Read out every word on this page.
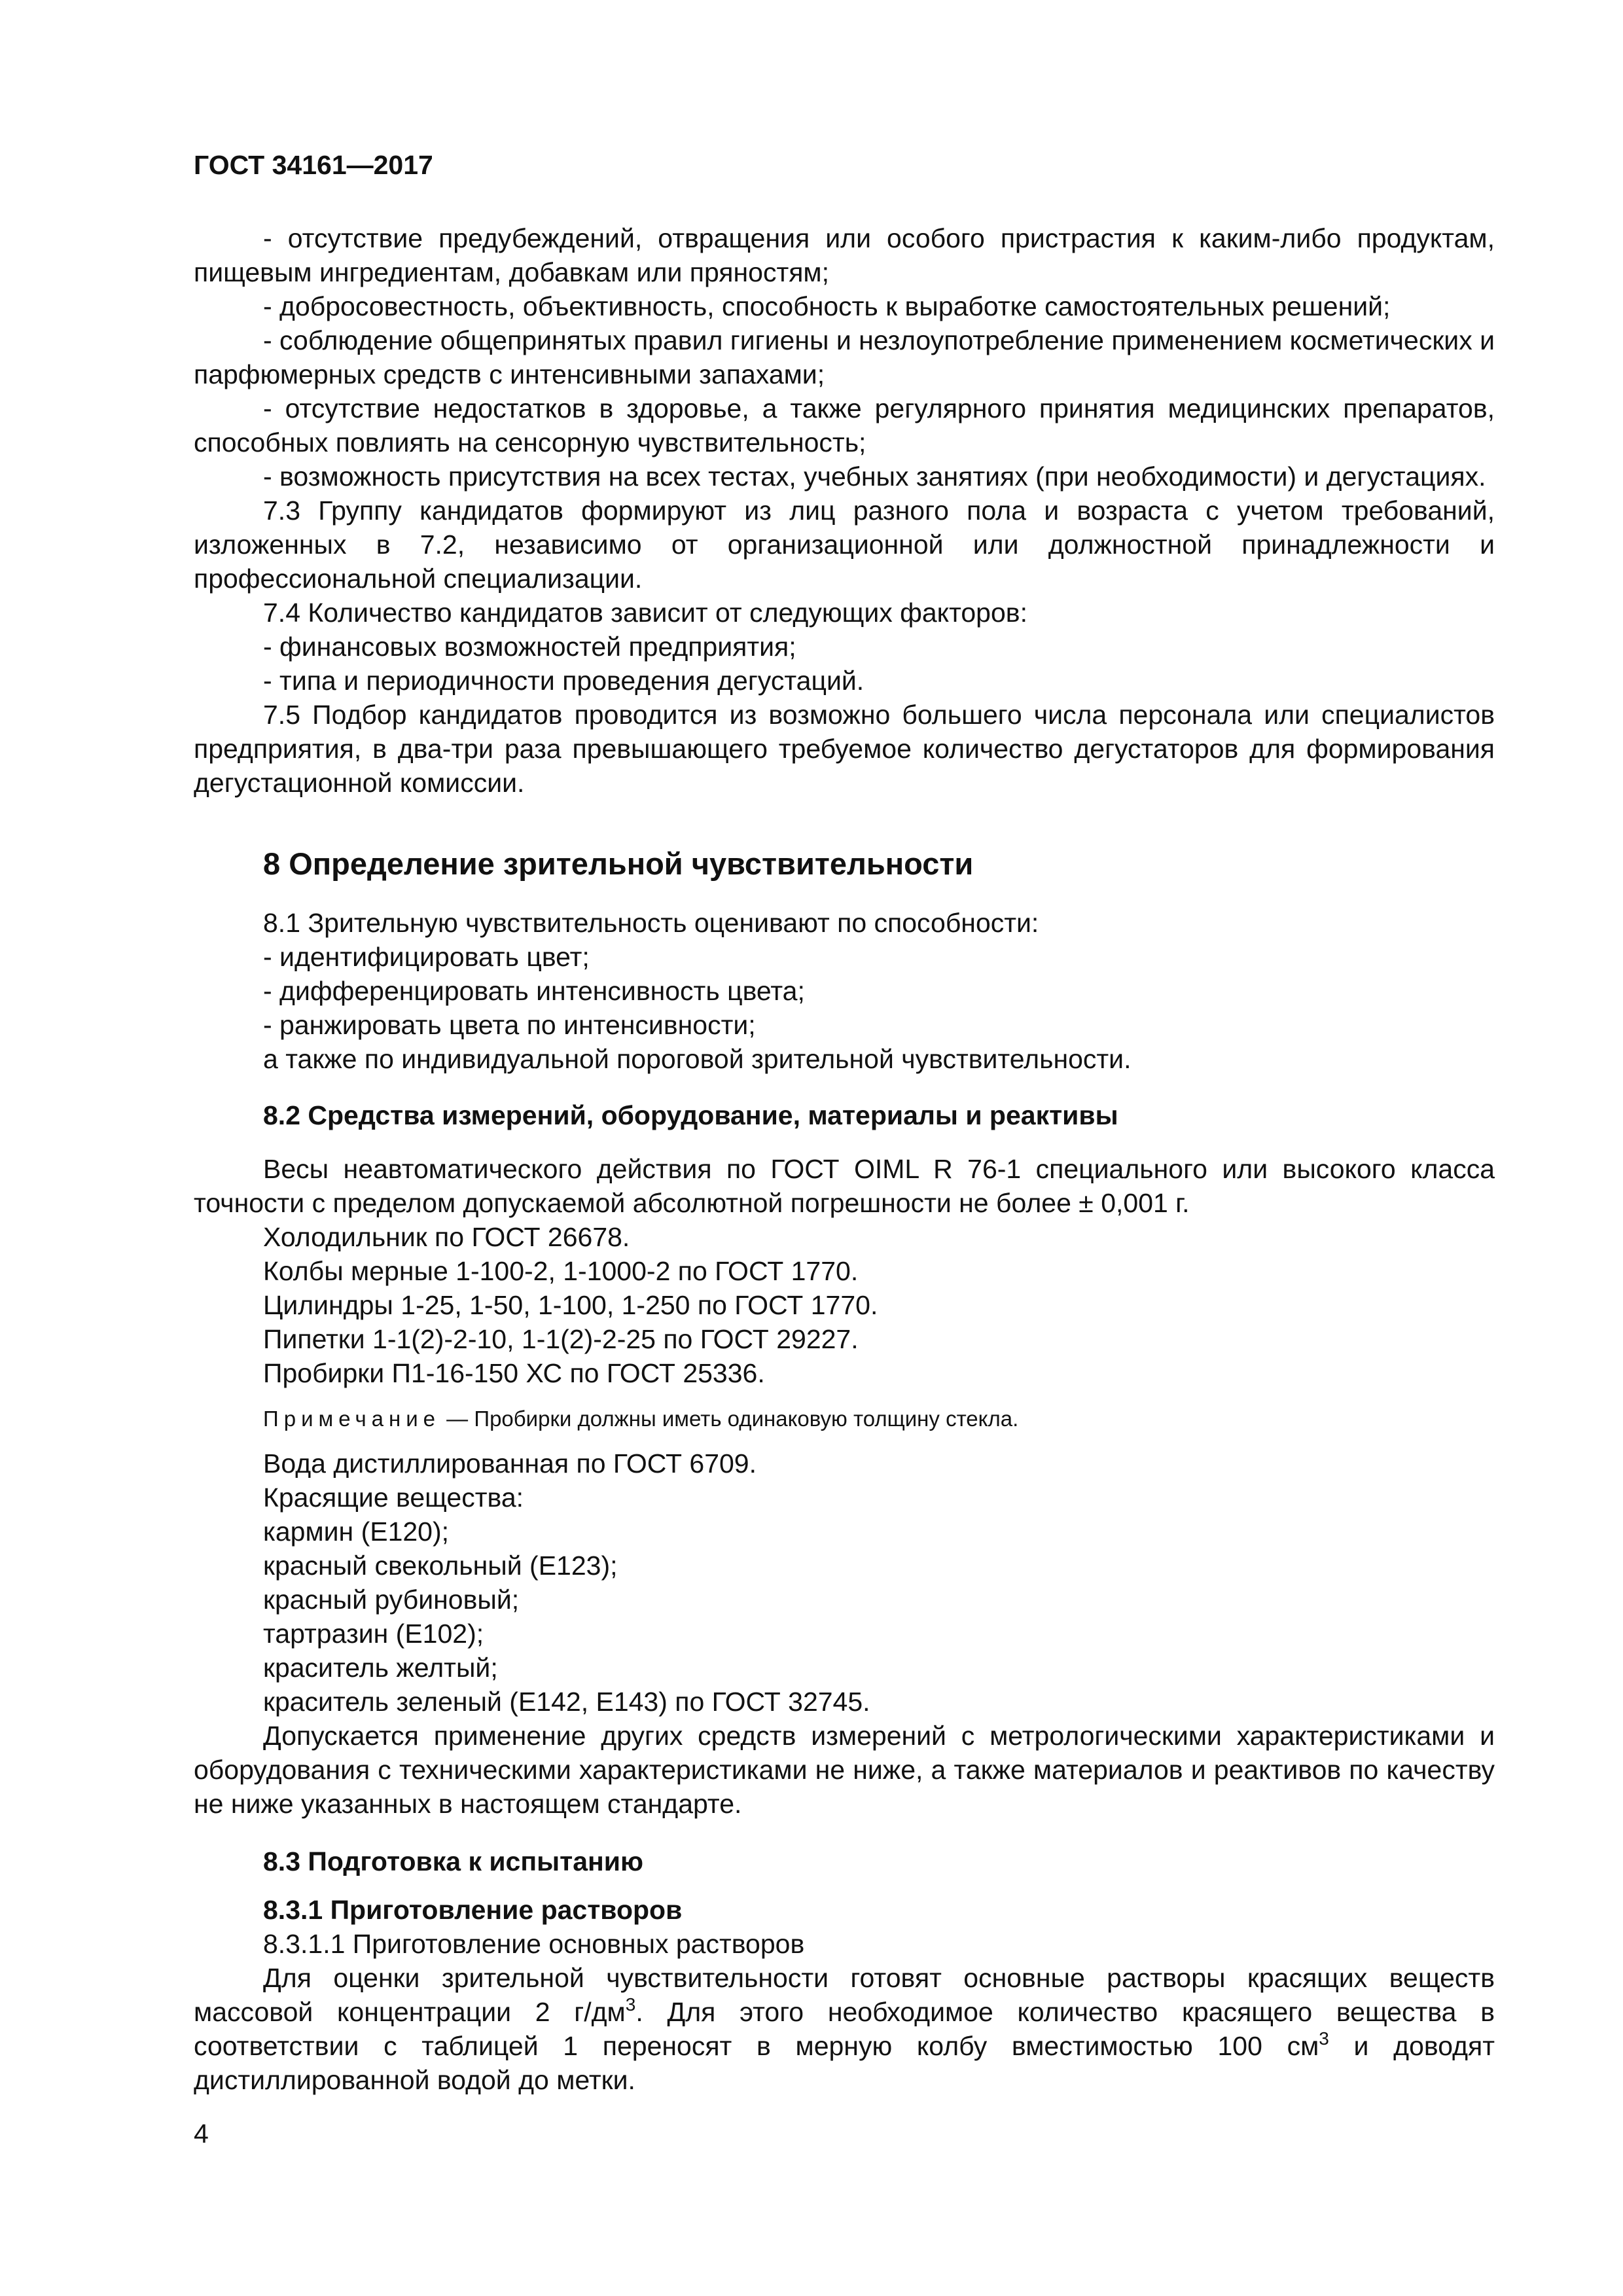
ГОСТ 34161—2017

- отсутствие предубеждений, отвращения или особого пристрастия к каким-либо продуктам, пищевым ингредиентам, добавкам или пряностям;

- добросовестность, объективность, способность к выработке самостоятельных решений;

- соблюдение общепринятых правил гигиены и незлоупотребление применением косметических и парфюмерных средств с интенсивными запахами;

- отсутствие недостатков в здоровье, а также регулярного принятия медицинских препаратов, способных повлиять на сенсорную чувствительность;

- возможность присутствия на всех тестах, учебных занятиях (при необходимости) и дегустациях.

7.3 Группу кандидатов формируют из лиц разного пола и возраста с учетом требований, изложенных в 7.2, независимо от организационной или должностной принадлежности и профессиональной специализации.

7.4 Количество кандидатов зависит от следующих факторов:

- финансовых возможностей предприятия;

- типа и периодичности проведения дегустаций.

7.5 Подбор кандидатов проводится из возможно большего числа персонала или специалистов предприятия, в два-три раза превышающего требуемое количество дегустаторов для формирования дегустационной комиссии.

8 Определение зрительной чувствительности

8.1 Зрительную чувствительность оценивают по способности:

- идентифицировать цвет;

- дифференцировать интенсивность цвета;

- ранжировать цвета по интенсивности;

а также по индивидуальной пороговой зрительной чувствительности.

8.2 Средства измерений, оборудование, материалы и реактивы

Весы неавтоматического действия по ГОСТ OIML R 76-1 специального или высокого класса точности с пределом допускаемой абсолютной погрешности не более ± 0,001 г.

Холодильник по ГОСТ 26678.

Колбы мерные 1-100-2, 1-1000-2 по ГОСТ 1770.

Цилиндры 1-25, 1-50, 1-100, 1-250 по ГОСТ 1770.

Пипетки 1-1(2)-2-10, 1-1(2)-2-25 по ГОСТ 29227.

Пробирки П1-16-150 ХС по ГОСТ 25336.

Примечание — Пробирки должны иметь одинаковую толщину стекла.

Вода дистиллированная по ГОСТ 6709.

Красящие вещества:

кармин (Е120);

красный свекольный (Е123);

красный рубиновый;

тартразин (Е102);

краситель желтый;

краситель зеленый (Е142, Е143) по ГОСТ 32745.

Допускается применение других средств измерений с метрологическими характеристиками и оборудования с техническими характеристиками не ниже, а также материалов и реактивов по качеству не ниже указанных в настоящем стандарте.

8.3 Подготовка к испытанию
8.3.1 Приготовление растворов

8.3.1.1 Приготовление основных растворов

Для оценки зрительной чувствительности готовят основные растворы красящих веществ массовой концентрации 2 $г/дм^3$. Для этого необходимое количество красящего вещества в соответствии с таблицей 1 переносят в мерную колбу вместимостью 100 $см^3$ и доводят дистиллированной водой до метки.

4
